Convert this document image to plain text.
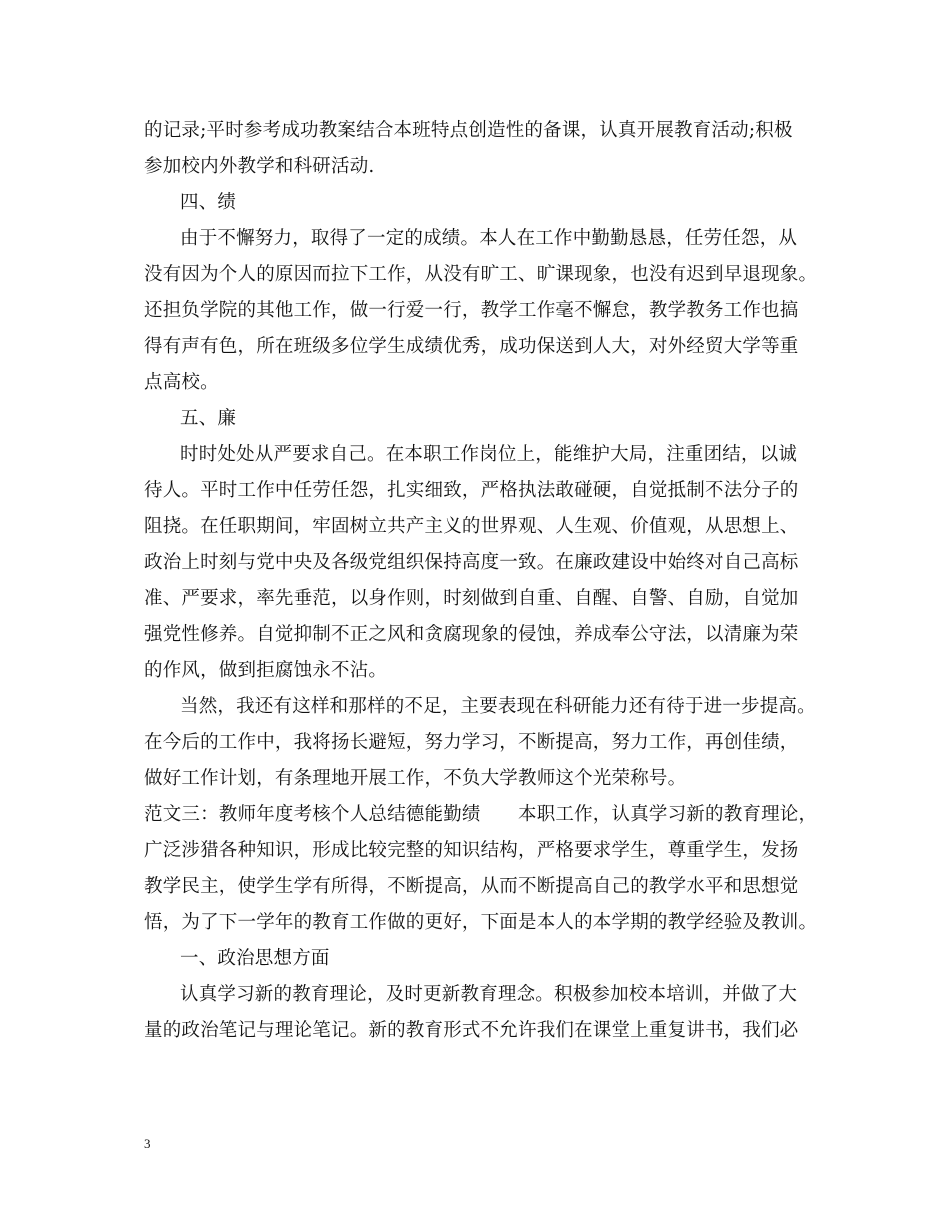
的记录;平时参考成功教案结合本班特点创造性的备课，认真开展教育活动;积极
参加校内外教学和科研活动.
四、绩
由于不懈努力，取得了一定的成绩。本人在工作中勤勤恳恳，任劳任怨，从
没有因为个人的原因而拉下工作，从没有旷工、旷课现象，也没有迟到早退现象。
还担负学院的其他工作，做一行爱一行，教学工作毫不懈怠，教学教务工作也搞
得有声有色，所在班级多位学生成绩优秀，成功保送到人大，对外经贸大学等重
点高校。
五、廉
时时处处从严要求自己。在本职工作岗位上，能维护大局，注重团结，以诚
待人。平时工作中任劳任怨，扎实细致，严格执法敢碰硬，自觉抵制不法分子的
阻挠。在任职期间，牢固树立共产主义的世界观、人生观、价值观，从思想上、
政治上时刻与党中央及各级党组织保持高度一致。在廉政建设中始终对自己高标
准、严要求，率先垂范，以身作则，时刻做到自重、自醒、自警、自励，自觉加
强党性修养。自觉抑制不正之风和贪腐现象的侵蚀，养成奉公守法，以清廉为荣
的作风，做到拒腐蚀永不沾。
当然，我还有这样和那样的不足，主要表现在科研能力还有待于进一步提高。
在今后的工作中，我将扬长避短，努力学习，不断提高，努力工作，再创佳绩，
做好工作计划，有条理地开展工作，不负大学教师这个光荣称号。
范文三：教师年度考核个人总结德能勤绩　　本职工作，认真学习新的教育理论，
广泛涉猎各种知识，形成比较完整的知识结构，严格要求学生，尊重学生，发扬
教学民主，使学生学有所得，不断提高，从而不断提高自己的教学水平和思想觉
悟，为了下一学年的教育工作做的更好，下面是本人的本学期的教学经验及教训。
一、政治思想方面
认真学习新的教育理论，及时更新教育理念。积极参加校本培训，并做了大
量的政治笔记与理论笔记。新的教育形式不允许我们在课堂上重复讲书，我们必
3
